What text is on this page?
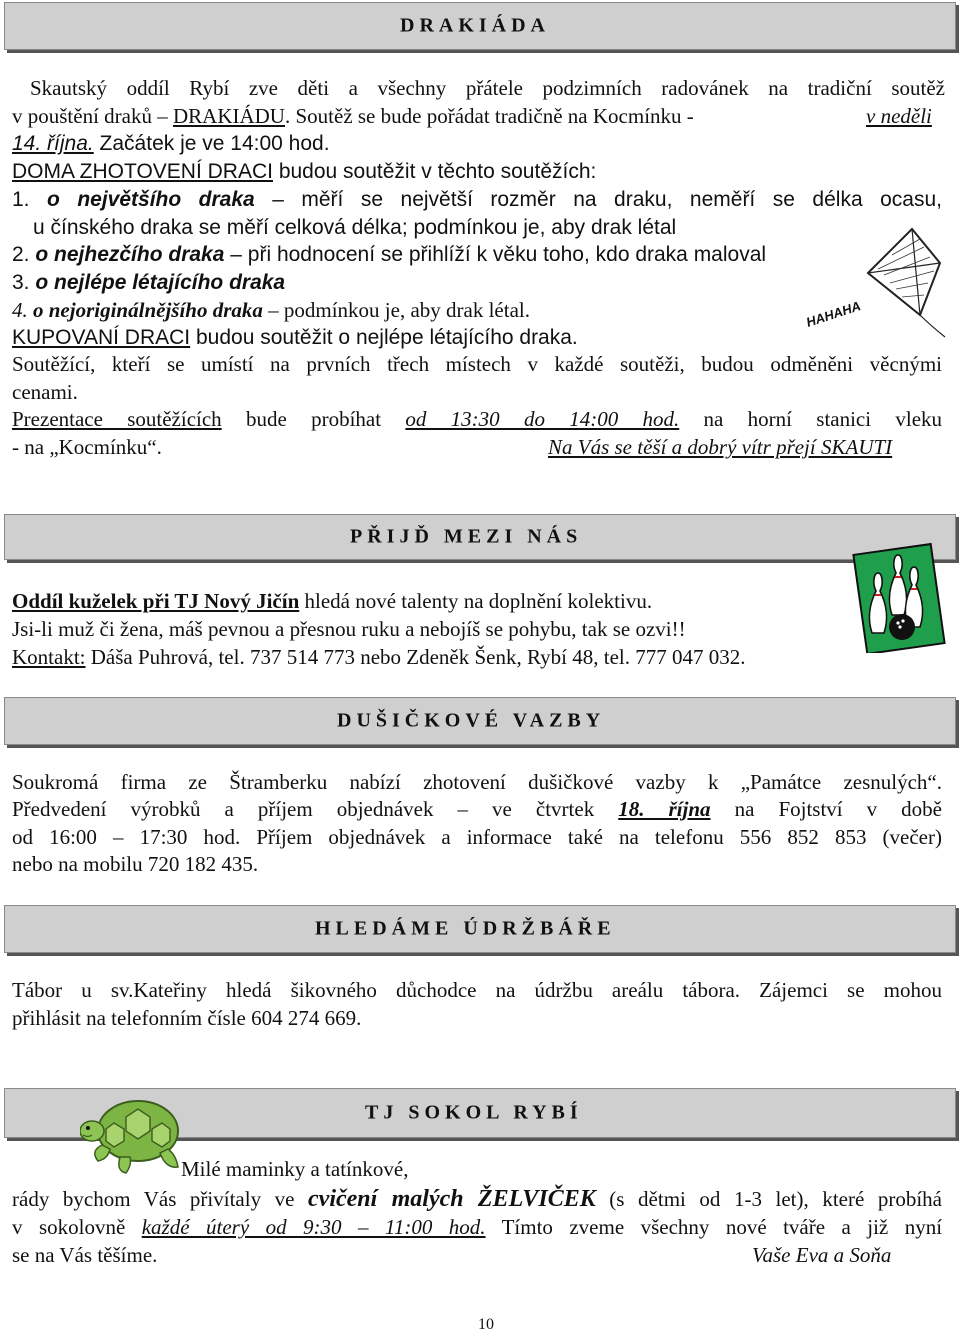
DRAKIÁDA
Skautský oddíl Rybí zve děti a všechny přátele podzimních radovánek na tradiční soutěž
v pouštění draků – DRAKIÁDU. Soutěž se bude pořádat tradičně na Kocmínku -	v neděli
14. října. Začátek je ve 14:00 hod.
DOMA ZHOTOVENÍ DRACI budou soutěžit v těchto soutěžích:
1. o největšího draka – měří se největší rozměr na draku, neměří se délka ocasu,
u čínského draka se měří celková délka; podmínkou je, aby drak létal
2. o nejhezčího draka – při hodnocení se přihlíží k věku toho, kdo draka maloval
3. o nejlépe létajícího draka
4. o nejoriginálnějšího draka – podmínkou je, aby drak létal.
KUPOVANÍ DRACI budou soutěžit o nejlépe létajícího draka.
Soutěžící, kteří se umístí na prvních třech místech v každé soutěži, budou odměněni věcnými
cenami.
Prezentace soutěžících bude probíhat od 13:30 do 14:00 hod. na horní stanici vleku
- na „Kocmínku“.	Na Vás se těší a dobrý vítr přejí SKAUTI
HAHAHA
PŘIJĎ MEZI NÁS
Oddíl kuželek při TJ Nový Jičín hledá nové talenty na doplnění kolektivu.
Jsi-li muž či žena, máš pevnou a přesnou ruku a nebojíš se pohybu, tak se ozvi!!
Kontakt: Dáša Puhrová, tel. 737 514 773 nebo Zdeněk Šenk, Rybí 48, tel. 777 047 032.
DUŠIČKOVÉ VAZBY
Soukromá firma ze Štramberku nabízí zhotovení dušičkové vazby k „Památce zesnulých“.
Předvedení výrobků a příjem objednávek – ve čtvrtek 18. října na Fojtství v době
od 16:00 – 17:30 hod. Příjem objednávek a informace také na telefonu 556 852 853 (večer)
nebo na mobilu 720 182 435.
HLEDÁME ÚDRŽBÁŘE
Tábor u sv.Kateřiny hledá šikovného důchodce na údržbu areálu tábora. Zájemci se mohou
přihlásit na telefonním čísle 604 274 669.
TJ SOKOL RYBÍ
Milé maminky a tatínkové,
rády bychom Vás přivítaly ve cvičení malých ŽELVIČEK (s dětmi od 1-3 let), které probíhá
v sokolovně každé úterý od 9:30 – 11:00 hod. Tímto zveme všechny nové tváře a již nyní
se na Vás těšíme.	Vaše Eva a Soňa
10
